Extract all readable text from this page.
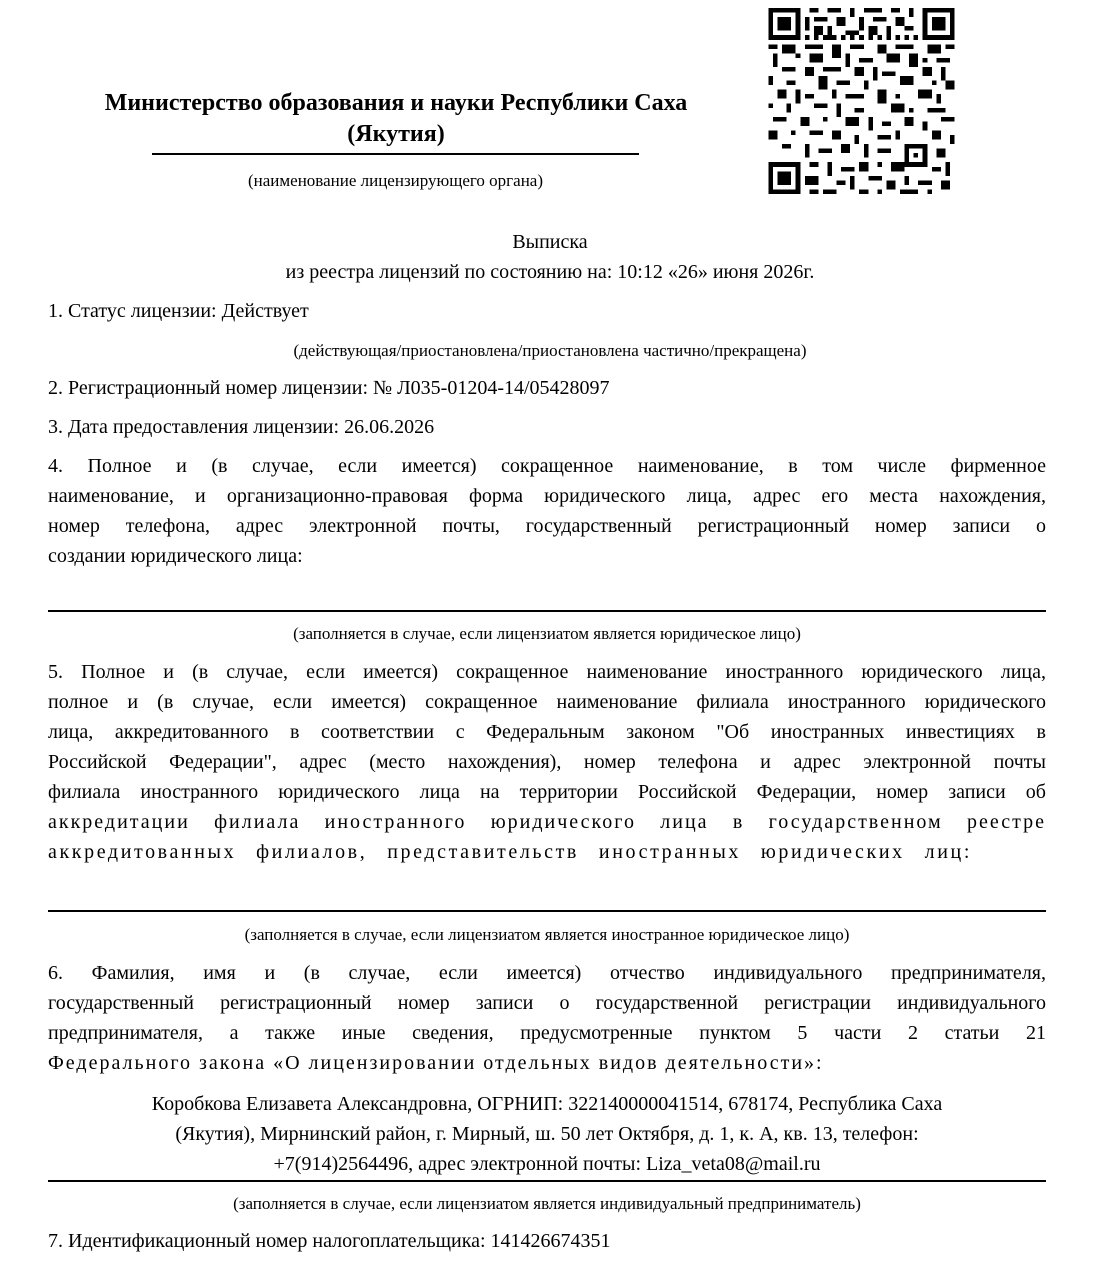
Министерство образования и науки Республики Саха
(Якутия)
(наименование лицензирующего органа)
Выписка
из реестра лицензий по состоянию на: 10:12 «26» июня 2026г.
1. Статус лицензии: Действует
(действующая/приостановлена/приостановлена частично/прекращена)
2. Регистрационный номер лицензии: № Л035-01204-14/05428097
3. Дата предоставления лицензии: 26.06.2026
4. Полное и (в случае, если имеется) сокращенное наименование, в том числе фирменное
наименование, и организационно-правовая форма юридического лица, адрес его места нахождения,
номер телефона, адрес электронной почты, государственный регистрационный номер записи о
создании юридического лица:
(заполняется в случае, если лицензиатом является юридическое лицо)
5. Полное и (в случае, если имеется) сокращенное наименование иностранного юридического лица,
полное и (в случае, если имеется) сокращенное наименование филиала иностранного юридического
лица, аккредитованного в соответствии с Федеральным законом "Об иностранных инвестициях в
Российской Федерации", адрес (место нахождения), номер телефона и адрес электронной почты
филиала иностранного юридического лица на территории Российской Федерации, номер записи об
аккредитации филиала иностранного юридического лица в государственном реестре
аккредитованных филиалов, представительств иностранных юридических лиц:
(заполняется в случае, если лицензиатом является иностранное юридическое лицо)
6. Фамилия, имя и (в случае, если имеется) отчество индивидуального предпринимателя,
государственный регистрационный номер записи о государственной регистрации индивидуального
предпринимателя, а также иные сведения, предусмотренные пунктом 5 части 2 статьи 21
Федерального закона «О лицензировании отдельных видов деятельности»:
Коробкова Елизавета Александровна, ОГРНИП: 322140000041514, 678174, Республика Саха
(Якутия), Мирнинский район, г. Мирный, ш. 50 лет Октября, д. 1, к. А, кв. 13, телефон:
+7(914)2564496, адрес электронной почты: Liza_veta08@mail.ru
(заполняется в случае, если лицензиатом является индивидуальный предприниматель)
7. Идентификационный номер налогоплательщика: 141426674351
